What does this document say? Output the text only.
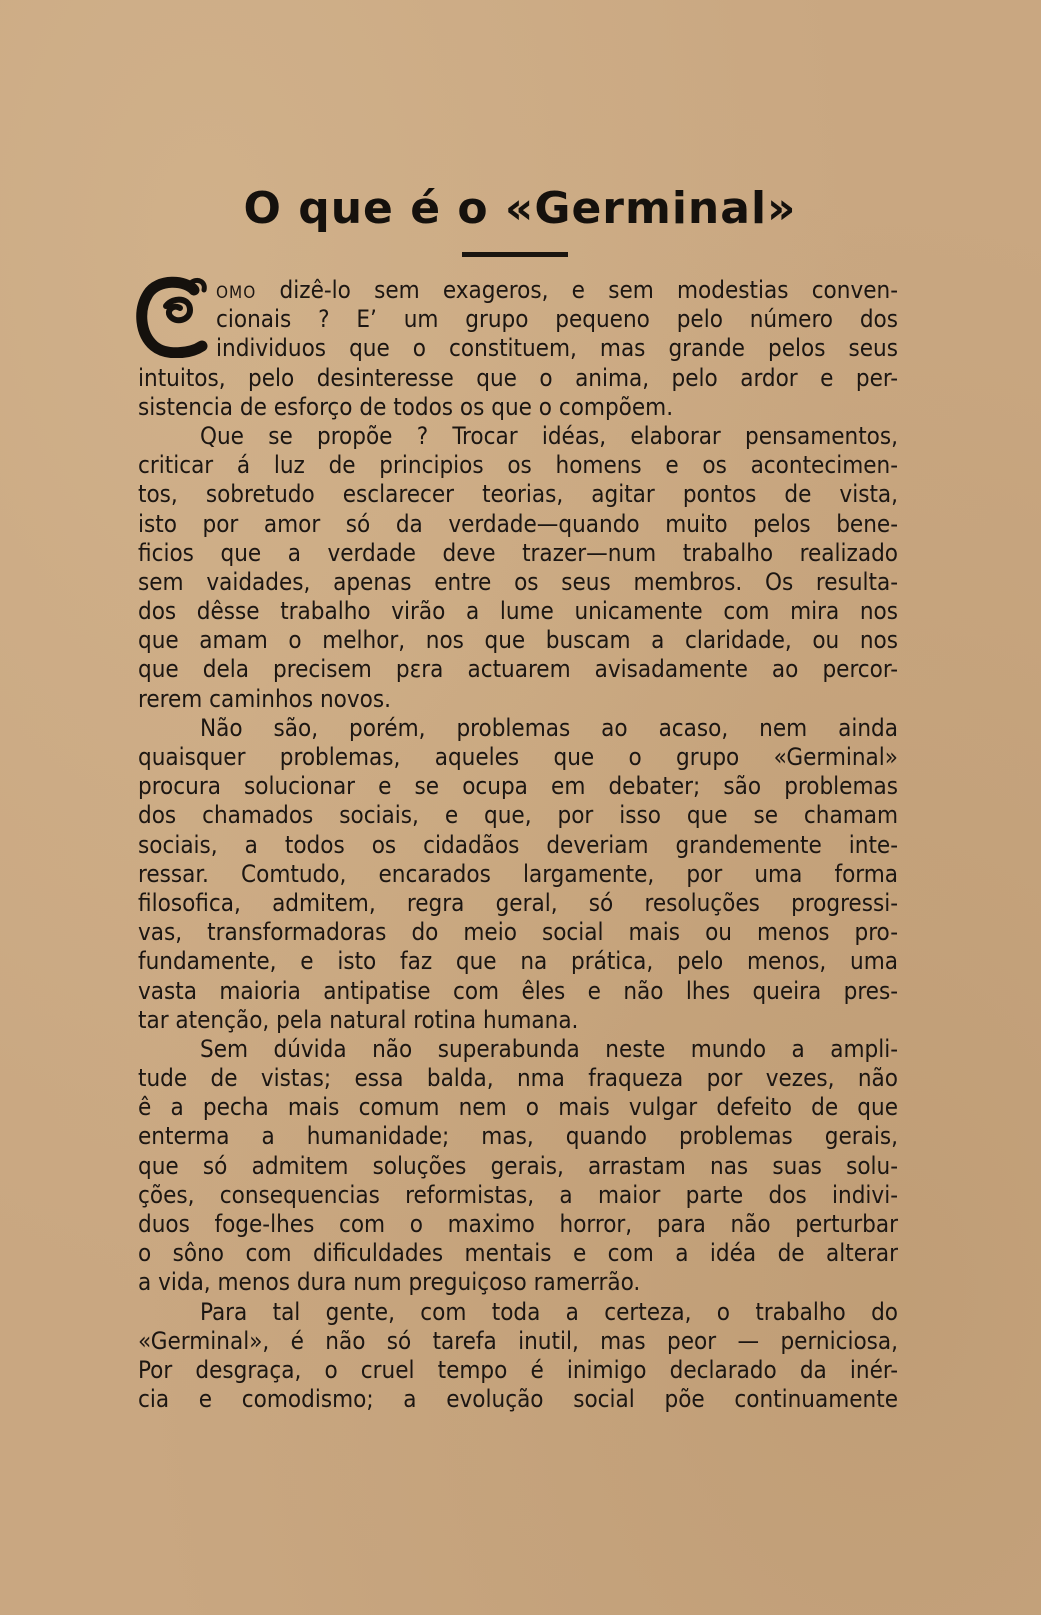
O que é o «Germinal»
OMO dizê-lo sem exageros, e sem modestias conven-
cionais ? E’ um grupo pequeno pelo número dos
individuos que o constituem, mas grande pelos seus
intuitos, pelo desinteresse que o anima, pelo ardor e per-
sistencia de esforço de todos os que o compõem.
Que se propõe ? Trocar idéas, elaborar pensamentos,
criticar á luz de principios os homens e os acontecimen-
tos, sobretudo esclarecer teorias, agitar pontos de vista,
isto por amor só da verdade—quando muito pelos bene-
ficios que a verdade deve trazer—num trabalho realizado
sem vaidades, apenas entre os seus membros. Os resulta-
dos dêsse trabalho virão a lume unicamente com mira nos
que amam o melhor, nos que buscam a claridade, ou nos
que dela precisem pεra actuarem avisadamente ao percor-
rerem caminhos novos.
Não são, porém, problemas ao acaso, nem ainda
quaisquer problemas, aqueles que o grupo «Germinal»
procura solucionar e se ocupa em debater; são problemas
dos chamados sociais, e que, por isso que se chamam
sociais, a todos os cidadãos deveriam grandemente inte-
ressar. Comtudo, encarados largamente, por uma forma
filosofica, admitem, regra geral, só resoluções progressi-
vas, transformadoras do meio social mais ou menos pro-
fundamente, e isto faz que na prática, pelo menos, uma
vasta maioria antipatise com êles e não lhes queira pres-
tar atenção, pela natural rotina humana.
Sem dúvida não superabunda neste mundo a ampli-
tude de vistas; essa balda, nma fraqueza por vezes, não
ê a pecha mais comum nem o mais vulgar defeito de que
enterma a humanidade; mas, quando problemas gerais,
que só admitem soluções gerais, arrastam nas suas solu-
ções, consequencias reformistas, a maior parte dos indivi-
duos foge-lhes com o maximo horror, para não perturbar
o sôno com dificuldades mentais e com a idéa de alterar
a vida, menos dura num preguiçoso ramerrão.
Para tal gente, com toda a certeza, o trabalho do
«Germinal», é não só tarefa inutil, mas peor — perniciosa,
Por desgraça, o cruel tempo é inimigo declarado da inér-
cia e comodismo; a evolução social põe continuamente
